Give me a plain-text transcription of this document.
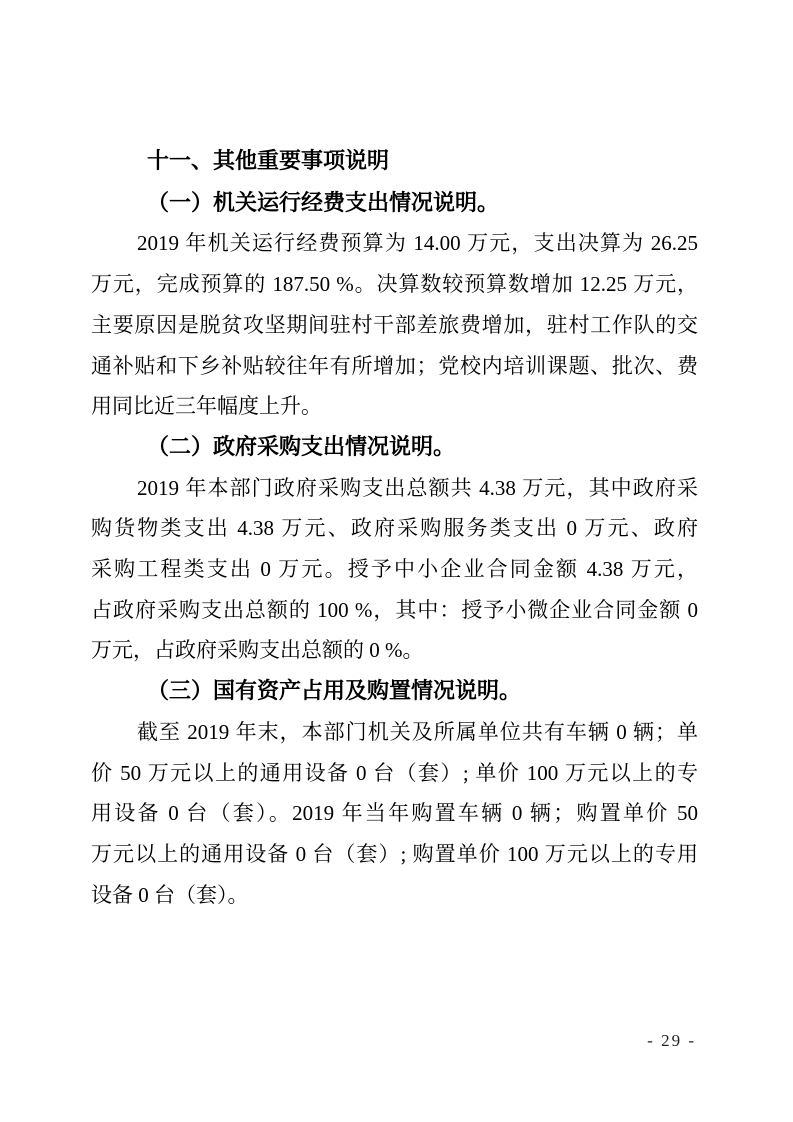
十一、其他重要事项说明
（一）机关运行经费支出情况说明。
2019 年机关运行经费预算为 14.00 万元，支出决算为 26.25
万元，完成预算的 187.50 %。决算数较预算数增加 12.25 万元，
主要原因是脱贫攻坚期间驻村干部差旅费增加，驻村工作队的交
通补贴和下乡补贴较往年有所增加；党校内培训课题、批次、费
用同比近三年幅度上升。
（二）政府采购支出情况说明。
2019 年本部门政府采购支出总额共 4.38 万元，其中政府采
购货物类支出 4.38 万元、政府采购服务类支出 0 万元、政府
采购工程类支出 0 万元。授予中小企业合同金额 4.38 万元，
占政府采购支出总额的 100 %，其中：授予小微企业合同金额 0
万元，占政府采购支出总额的 0 %。
（三）国有资产占用及购置情况说明。
截至 2019 年末，本部门机关及所属单位共有车辆 0 辆；单
价 50 万元以上的通用设备 0 台（套）; 单价 100 万元以上的专
用设备 0 台（套）。2019 年当年购置车辆 0 辆；购置单价 50
万元以上的通用设备 0 台（套）; 购置单价 100 万元以上的专用
设备 0 台（套）。
- 29 -
